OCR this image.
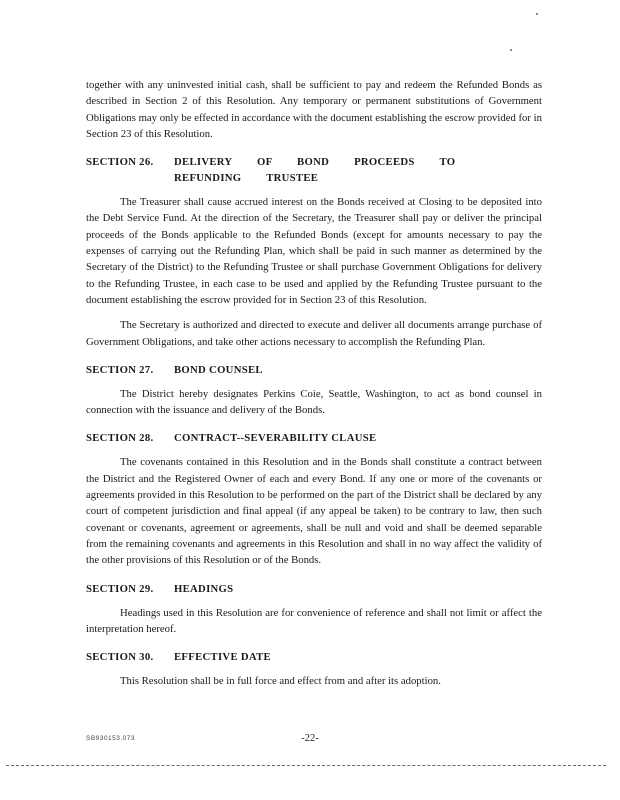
together with any uninvested initial cash, shall be sufficient to pay and redeem the Refunded Bonds as described in Section 2 of this Resolution. Any temporary or permanent substitutions of Government Obligations may only be effected in accordance with the document establishing the escrow provided for in Section 23 of this Resolution.

SECTION 26.	DELIVERY OF BOND PROCEEDS TO REFUNDING TRUSTEE

The Treasurer shall cause accrued interest on the Bonds received at Closing to be deposited into the Debt Service Fund. At the direction of the Secretary, the Treasurer shall pay or deliver the principal proceeds of the Bonds applicable to the Refunded Bonds (except for amounts necessary to pay the expenses of carrying out the Refunding Plan, which shall be paid in such manner as determined by the Secretary of the District) to the Refunding Trustee or shall purchase Government Obligations for delivery to the Refunding Trustee, in each case to be used and applied by the Refunding Trustee pursuant to the document establishing the escrow provided for in Section 23 of this Resolution.

The Secretary is authorized and directed to execute and deliver all documents arrange purchase of Government Obligations, and take other actions necessary to accomplish the Refunding Plan.

SECTION 27.	BOND COUNSEL

The District hereby designates Perkins Coie, Seattle, Washington, to act as bond counsel in connection with the issuance and delivery of the Bonds.

SECTION 28.	CONTRACT--SEVERABILITY CLAUSE

The covenants contained in this Resolution and in the Bonds shall constitute a contract between the District and the Registered Owner of each and every Bond. If any one or more of the covenants or agreements provided in this Resolution to be performed on the part of the District shall be declared by any court of competent jurisdiction and final appeal (if any appeal be taken) to be contrary to law, then such covenant or covenants, agreement or agreements, shall be null and void and shall be deemed separable from the remaining covenants and agreements in this Resolution and shall in no way affect the validity of the other provisions of this Resolution or of the Bonds.

SECTION 29.	HEADINGS

Headings used in this Resolution are for convenience of reference and shall not limit or affect the interpretation hereof.

SECTION 30.	EFFECTIVE DATE

This Resolution shall be in full force and effect from and after its adoption.

SB930153.073	-22-
